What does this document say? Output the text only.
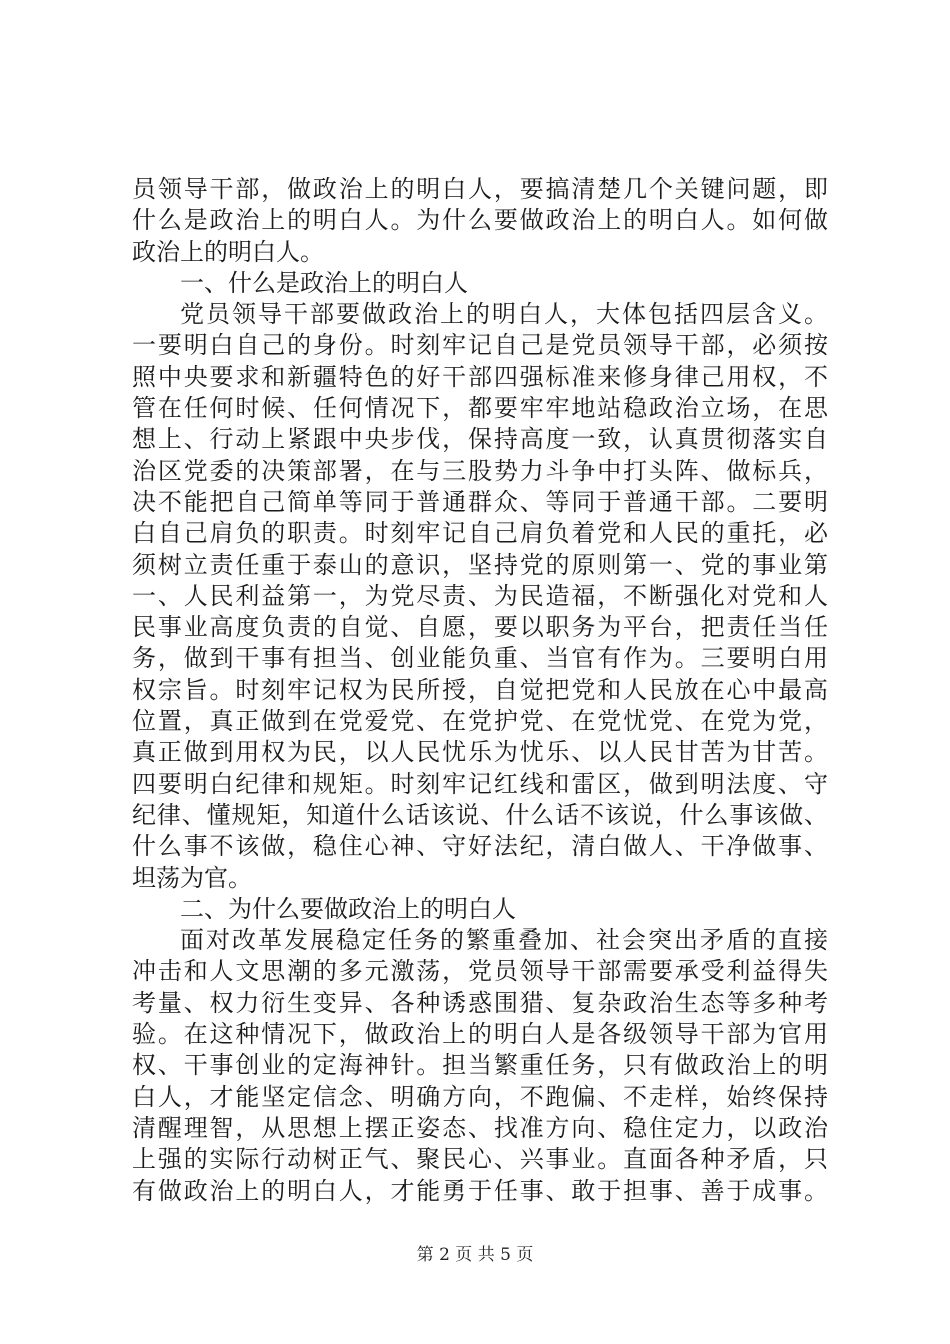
员领导干部，做政治上的明白人，要搞清楚几个关键问题，即
什么是政治上的明白人。为什么要做政治上的明白人。如何做
政治上的明白人。
一、什么是政治上的明白人
党员领导干部要做政治上的明白人，大体包括四层含义。
一要明白自己的身份。时刻牢记自己是党员领导干部，必须按
照中央要求和新疆特色的好干部四强标准来修身律己用权，不
管在任何时候、任何情况下，都要牢牢地站稳政治立场，在思
想上、行动上紧跟中央步伐，保持高度一致，认真贯彻落实自
治区党委的决策部署，在与三股势力斗争中打头阵、做标兵，
决不能把自己简单等同于普通群众、等同于普通干部。二要明
白自己肩负的职责。时刻牢记自己肩负着党和人民的重托，必
须树立责任重于泰山的意识，坚持党的原则第一、党的事业第
一、人民利益第一，为党尽责、为民造福，不断强化对党和人
民事业高度负责的自觉、自愿，要以职务为平台，把责任当任
务，做到干事有担当、创业能负重、当官有作为。三要明白用
权宗旨。时刻牢记权为民所授，自觉把党和人民放在心中最高
位置，真正做到在党爱党、在党护党、在党忧党、在党为党，
真正做到用权为民，以人民忧乐为忧乐、以人民甘苦为甘苦。
四要明白纪律和规矩。时刻牢记红线和雷区，做到明法度、守
纪律、懂规矩，知道什么话该说、什么话不该说，什么事该做、
什么事不该做，稳住心神、守好法纪，清白做人、干净做事、
坦荡为官。
二、为什么要做政治上的明白人
面对改革发展稳定任务的繁重叠加、社会突出矛盾的直接
冲击和人文思潮的多元激荡，党员领导干部需要承受利益得失
考量、权力衍生变异、各种诱惑围猎、复杂政治生态等多种考
验。在这种情况下，做政治上的明白人是各级领导干部为官用
权、干事创业的定海神针。担当繁重任务，只有做政治上的明
白人，才能坚定信念、明确方向，不跑偏、不走样，始终保持
清醒理智，从思想上摆正姿态、找准方向、稳住定力，以政治
上强的实际行动树正气、聚民心、兴事业。直面各种矛盾，只
有做政治上的明白人，才能勇于任事、敢于担事、善于成事。
第 2 页 共 5 页
